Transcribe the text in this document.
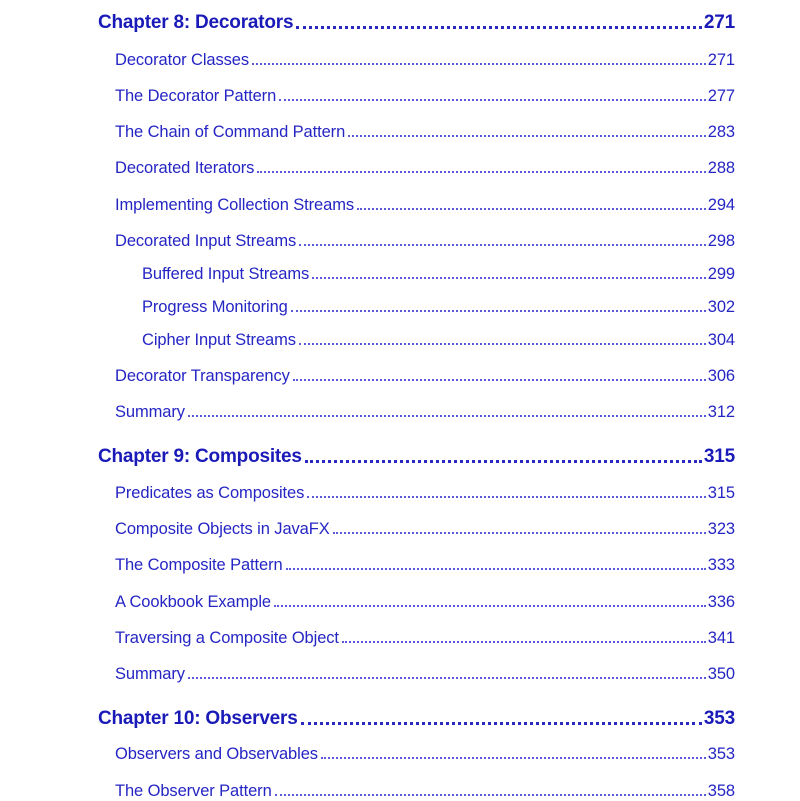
Chapter 8: Decorators	271
Decorator Classes	271
The Decorator Pattern	277
The Chain of Command Pattern	283
Decorated Iterators	288
Implementing Collection Streams	294
Decorated Input Streams	298
Buffered Input Streams	299
Progress Monitoring	302
Cipher Input Streams	304
Decorator Transparency	306
Summary	312
Chapter 9: Composites	315
Predicates as Composites	315
Composite Objects in JavaFX	323
The Composite Pattern	333
A Cookbook Example	336
Traversing a Composite Object	341
Summary	350
Chapter 10: Observers	353
Observers and Observables	353
The Observer Pattern	358
